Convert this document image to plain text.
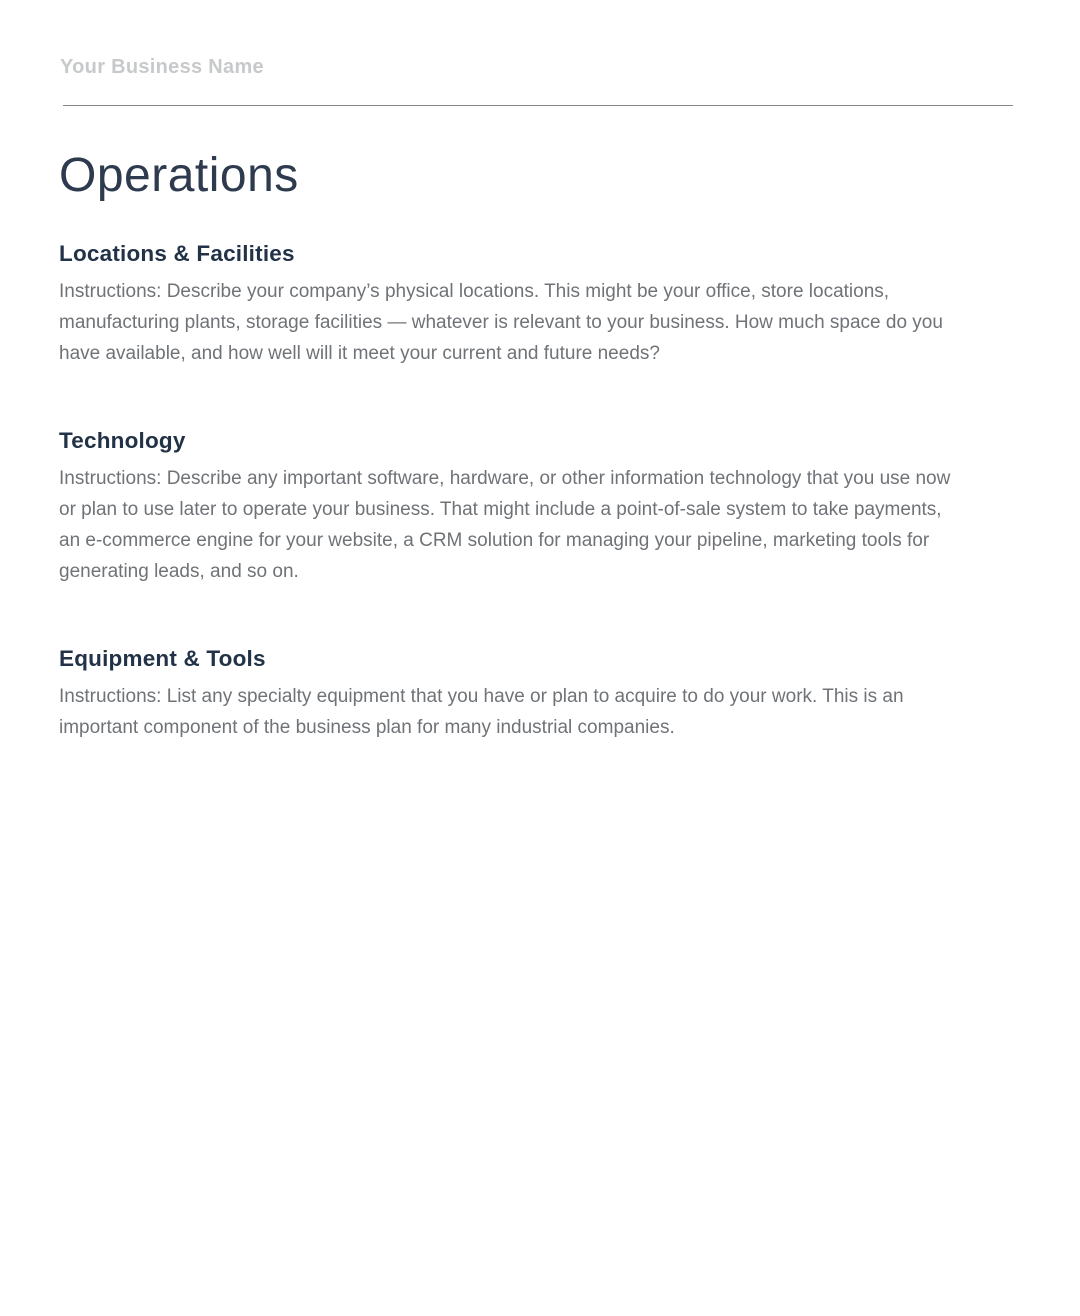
Your Business Name
Operations
Locations & Facilities

Instructions: Describe your company’s physical locations. This might be your office, store locations, manufacturing plants, storage facilities — whatever is relevant to your business. How much space do you have available, and how well will it meet your current and future needs?

Technology

Instructions: Describe any important software, hardware, or other information technology that you use now or plan to use later to operate your business. That might include a point-of-sale system to take payments, an e-commerce engine for your website, a CRM solution for managing your pipeline, marketing tools for generating leads, and so on.

Equipment & Tools

Instructions: List any specialty equipment that you have or plan to acquire to do your work. This is an important component of the business plan for many industrial companies.
